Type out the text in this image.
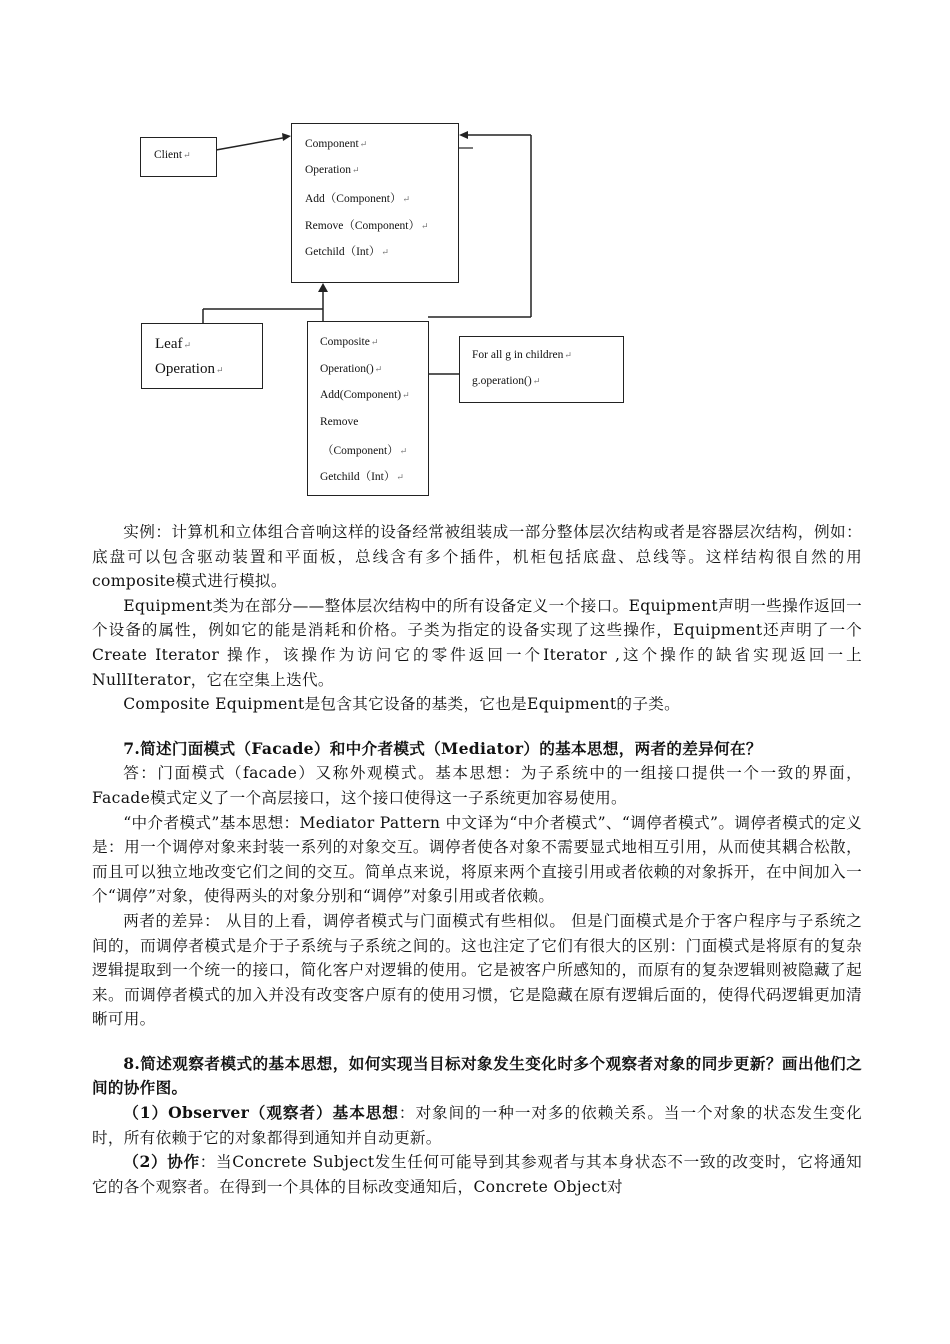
Client↵
Component↵
Operation↵
Add（Component）↵
Remove（Component）↵
Getchild（Int）↵
Leaf↵
Operation↵
Composite↵
Operation()↵
Add(Component)↵
Remove
（Component）↵
Getchild（Int）↵
For all g in children↵
g.operation()↵

实例：计算机和立体组合音响这样的设备经常被组装成一部分整体层次结构或者是容器层次结构，例如：底盘可以包含驱动装置和平面板，总线含有多个插件，机柜包括底盘、总线等。这样结构很自然的用composite模式进行模拟。

Equipment类为在部分——整体层次结构中的所有设备定义一个接口。Equipment声明一些操作返回一个设备的属性，例如它的能是消耗和价格。子类为指定的设备实现了这些操作，Equipment还声明了一个Create Iterator 操作，该操作为访问它的零件返回一个Iterator ,这个操作的缺省实现返回一上NullIterator，它在空集上迭代。

Composite Equipment是包含其它设备的基类，它也是Equipment的子类。

7.简述门面模式（Facade）和中介者模式（Mediator）的基本思想，两者的差异何在？

答：门面模式（facade）又称外观模式。基本思想：为子系统中的一组接口提供一个一致的界面， Facade模式定义了一个高层接口，这个接口使得这一子系统更加容易使用。

“中介者模式”基本思想：Mediator Pattern 中文译为“中介者模式”、“调停者模式”。调停者模式的定义是：用一个调停对象来封装一系列的对象交互。调停者使各对象不需要显式地相互引用，从而使其耦合松散，而且可以独立地改变它们之间的交互。简单点来说，将原来两个直接引用或者依赖的对象拆开，在中间加入一个“调停”对象，使得两头的对象分别和“调停”对象引用或者依赖。

两者的差异： 从目的上看，调停者模式与门面模式有些相似。 但是门面模式是介于客户程序与子系统之间的，而调停者模式是介于子系统与子系统之间的。这也注定了它们有很大的区别：门面模式是将原有的复杂逻辑提取到一个统一的接口，简化客户对逻辑的使用。它是被客户所感知的，而原有的复杂逻辑则被隐藏了起来。而调停者模式的加入并没有改变客户原有的使用习惯，它是隐藏在原有逻辑后面的，使得代码逻辑更加清晰可用。

8.简述观察者模式的基本思想，如何实现当目标对象发生变化时多个观察者对象的同步更新？画出他们之间的协作图。

（1）Observer（观察者）基本思想：对象间的一种一对多的依赖关系。当一个对象的状态发生变化时，所有依赖于它的对象都得到通知并自动更新。

（2）协作：当Concrete Subject发生任何可能导到其参观者与其本身状态不一致的改变时，它将通知它的各个观察者。在得到一个具体的目标改变通知后，Concrete Object对
